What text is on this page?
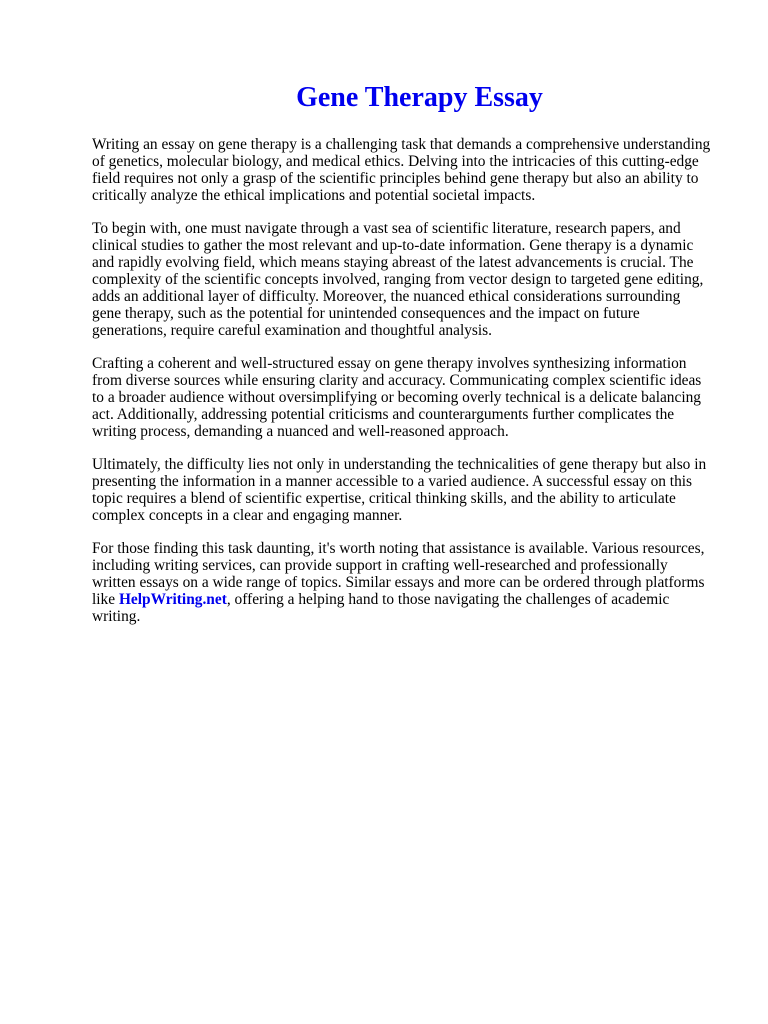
Gene Therapy Essay

Writing an essay on gene therapy is a challenging task that demands a comprehensive understanding of genetics, molecular biology, and medical ethics. Delving into the intricacies of this cutting-edge field requires not only a grasp of the scientific principles behind gene therapy but also an ability to critically analyze the ethical implications and potential societal impacts.

To begin with, one must navigate through a vast sea of scientific literature, research papers, and clinical studies to gather the most relevant and up-to-date information. Gene therapy is a dynamic and rapidly evolving field, which means staying abreast of the latest advancements is crucial. The complexity of the scientific concepts involved, ranging from vector design to targeted gene editing, adds an additional layer of difficulty. Moreover, the nuanced ethical considerations surrounding gene therapy, such as the potential for unintended consequences and the impact on future generations, require careful examination and thoughtful analysis.

Crafting a coherent and well-structured essay on gene therapy involves synthesizing information from diverse sources while ensuring clarity and accuracy. Communicating complex scientific ideas to a broader audience without oversimplifying or becoming overly technical is a delicate balancing act. Additionally, addressing potential criticisms and counterarguments further complicates the writing process, demanding a nuanced and well-reasoned approach.

Ultimately, the difficulty lies not only in understanding the technicalities of gene therapy but also in presenting the information in a manner accessible to a varied audience. A successful essay on this topic requires a blend of scientific expertise, critical thinking skills, and the ability to articulate complex concepts in a clear and engaging manner.

For those finding this task daunting, it's worth noting that assistance is available. Various resources, including writing services, can provide support in crafting well-researched and professionally written essays on a wide range of topics. Similar essays and more can be ordered through platforms like HelpWriting.net, offering a helping hand to those navigating the challenges of academic writing.
